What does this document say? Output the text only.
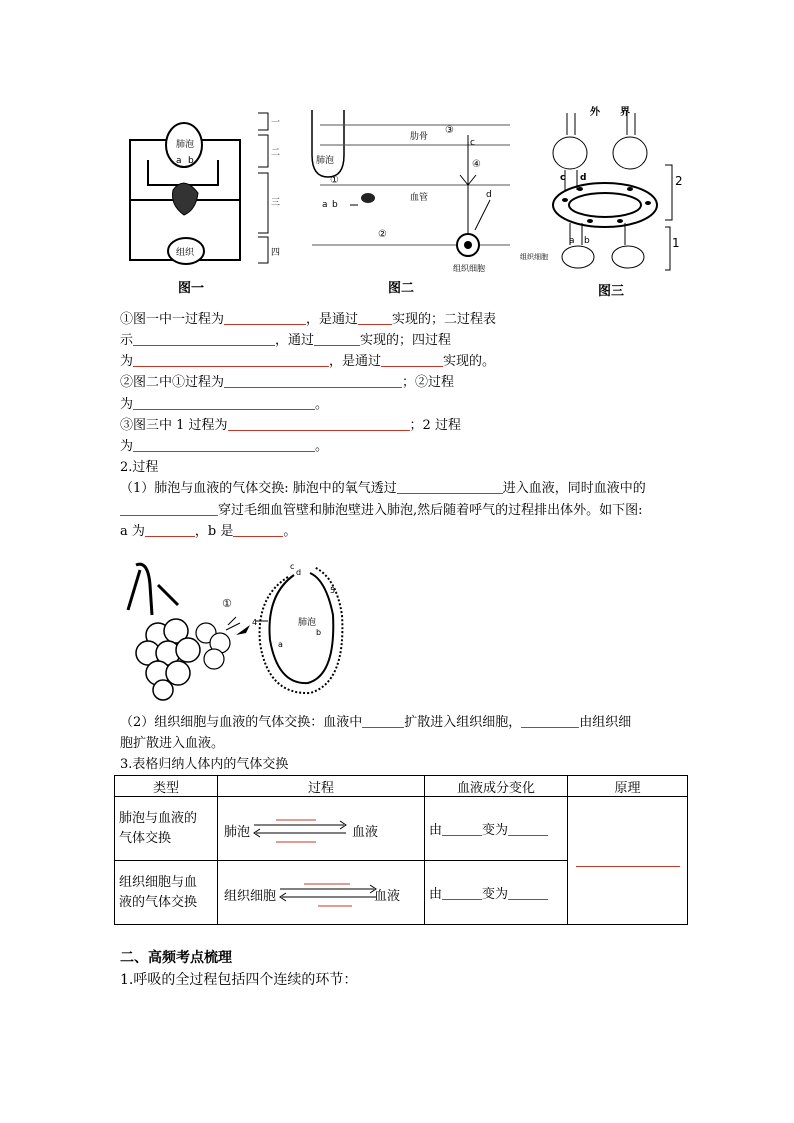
肺泡
a b
组织
一
二
三
四
图一
肺泡
血管
肋骨
组织细胞
①
②
③
④
a b
c
d
图二
外 界
2
1
组织细胞
a b
c d
图三
①图一中一过程为	，是通过	实现的；二过程表
示	，通过	实现的；四过程
为	，是通过	实现的。
②图二中①过程为	；②过程
为	。
③图三中 1 过程为	；2 过程
为	。
2.过程
（1）肺泡与血液的气体交换: 肺泡中的氧气透过	进入血液，同时血液中的
穿过毛细血管壁和肺泡壁进入肺泡,然后随着呼气的过程排出体外。如下图:
a 为	，b 是	。
①
肺泡
a
b
c
d
4
5
（2）组织细胞与血液的气体交换：血液中	扩散进入组织细胞，	由组织细
胞扩散进入血液。
3.表格归纳人体内的气体交换
类型	过程	血液成分变化	原理
肺泡与血液的
气体交换	肺泡 血液	由 变为	
组织细胞与血
液的气体交换	组织细胞 血液	由 变为	
二、高频考点梳理
1.呼吸的全过程包括四个连续的环节：
